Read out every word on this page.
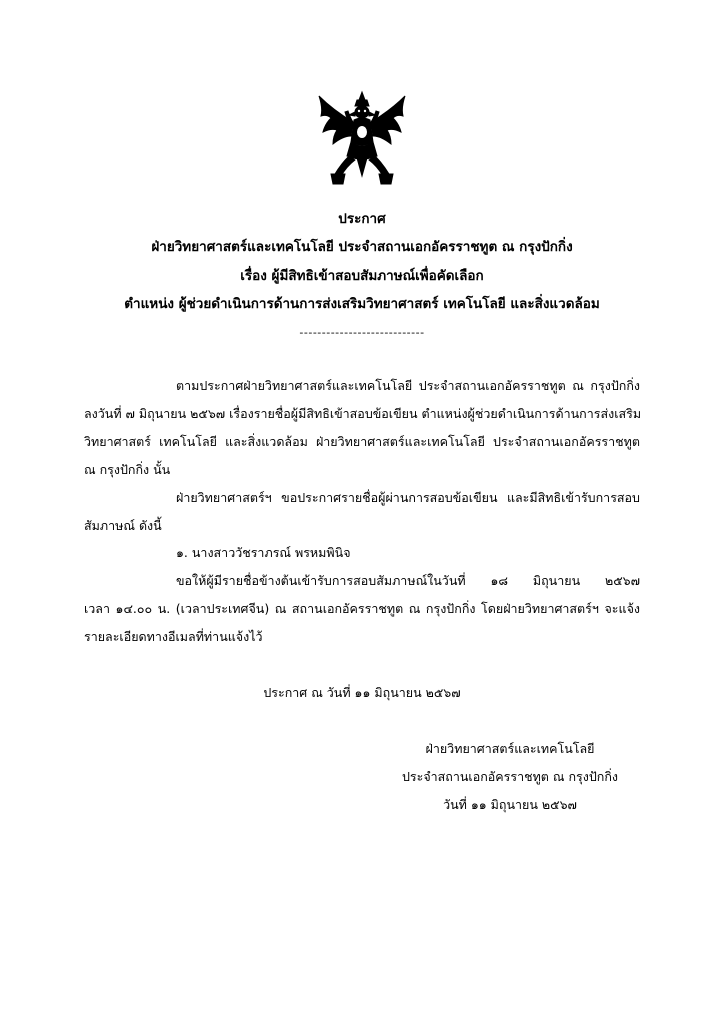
ประกาศ
ฝ่ายวิทยาศาสตร์และเทคโนโลยี ประจำสถานเอกอัครราชทูต ณ กรุงปักกิ่ง
เรื่อง ผู้มีสิทธิเข้าสอบสัมภาษณ์เพื่อคัดเลือก
ตำแหน่ง ผู้ช่วยดำเนินการด้านการส่งเสริมวิทยาศาสตร์ เทคโนโลยี และสิ่งแวดล้อม
----------------------------
ตามประกาศฝ่ายวิทยาศาสตร์และเทคโนโลยี ประจำสถานเอกอัครราชทูต ณ กรุงปักกิ่ง
ลงวันที่ ๗ มิถุนายน ๒๕๖๗ เรื่องรายชื่อผู้มีสิทธิเข้าสอบข้อเขียน ตำแหน่งผู้ช่วยดำเนินการด้านการส่งเสริม
วิทยาศาสตร์ เทคโนโลยี และสิ่งแวดล้อม ฝ่ายวิทยาศาสตร์และเทคโนโลยี ประจำสถานเอกอัครราชทูต
ณ กรุงปักกิ่ง นั้น
ฝ่ายวิทยาศาสตร์ฯ ขอประกาศรายชื่อผู้ผ่านการสอบข้อเขียน และมีสิทธิเข้ารับการสอบ
สัมภาษณ์ ดังนี้
๑. นางสาววัชราภรณ์ พรหมพินิจ
ขอให้ผู้มีรายชื่อข้างต้นเข้ารับการสอบสัมภาษณ์ในวันที่ ๑๘ มิถุนายน ๒๕๖๗
เวลา ๑๔.๐๐ น. (เวลาประเทศจีน) ณ สถานเอกอัครราชทูต ณ กรุงปักกิ่ง โดยฝ่ายวิทยาศาสตร์ฯ จะแจ้ง
รายละเอียดทางอีเมลที่ท่านแจ้งไว้
ประกาศ ณ วันที่ ๑๑ มิถุนายน ๒๕๖๗
ฝ่ายวิทยาศาสตร์และเทคโนโลยี
ประจำสถานเอกอัครราชทูต ณ กรุงปักกิ่ง
วันที่ ๑๑ มิถุนายน ๒๕๖๗
